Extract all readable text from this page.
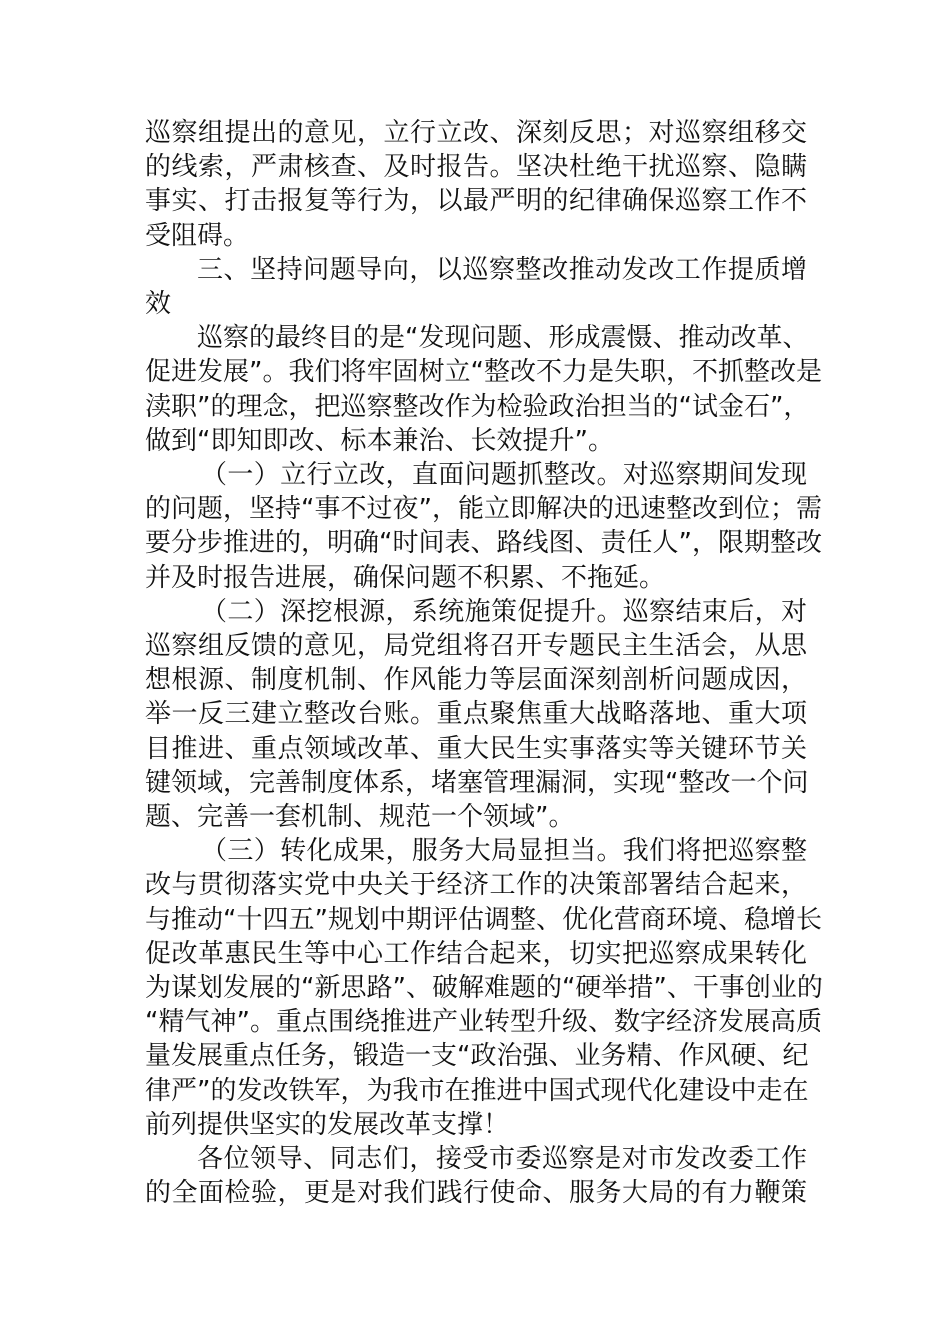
巡察组提出的意见，立行立改、深刻反思；对巡察组移交
的线索，严肃核查、及时报告。坚决杜绝干扰巡察、隐瞒
事实、打击报复等行为，以最严明的纪律确保巡察工作不
受阻碍。

三、坚持问题导向，以巡察整改推动发改工作提质增
效

巡察的最终目的是“发现问题、形成震慑、推动改革、
促进发展”。我们将牢固树立“整改不力是失职，不抓整改是
渎职”的理念，把巡察整改作为检验政治担当的“试金石”，
做到“即知即改、标本兼治、长效提升”。

（一）立行立改，直面问题抓整改。对巡察期间发现
的问题，坚持“事不过夜”，能立即解决的迅速整改到位；需
要分步推进的，明确“时间表、路线图、责任人”，限期整改
并及时报告进展，确保问题不积累、不拖延。

（二）深挖根源，系统施策促提升。巡察结束后，对
巡察组反馈的意见，局党组将召开专题民主生活会，从思
想根源、制度机制、作风能力等层面深刻剖析问题成因，
举一反三建立整改台账。重点聚焦重大战略落地、重大项
目推进、重点领域改革、重大民生实事落实等关键环节关
键领域，完善制度体系，堵塞管理漏洞，实现“整改一个问
题、完善一套机制、规范一个领域”。

（三）转化成果，服务大局显担当。我们将把巡察整
改与贯彻落实党中央关于经济工作的决策部署结合起来，
与推动“十四五”规划中期评估调整、优化营商环境、稳增长
促改革惠民生等中心工作结合起来，切实把巡察成果转化
为谋划发展的“新思路”、破解难题的“硬举措”、干事创业的
“精气神”。重点围绕推进产业转型升级、数字经济发展高质
量发展重点任务，锻造一支“政治强、业务精、作风硬、纪
律严”的发改铁军，为我市在推进中国式现代化建设中走在
前列提供坚实的发展改革支撑！

各位领导、同志们，接受市委巡察是对市发改委工作
的全面检验，更是对我们践行使命、服务大局的有力鞭策
